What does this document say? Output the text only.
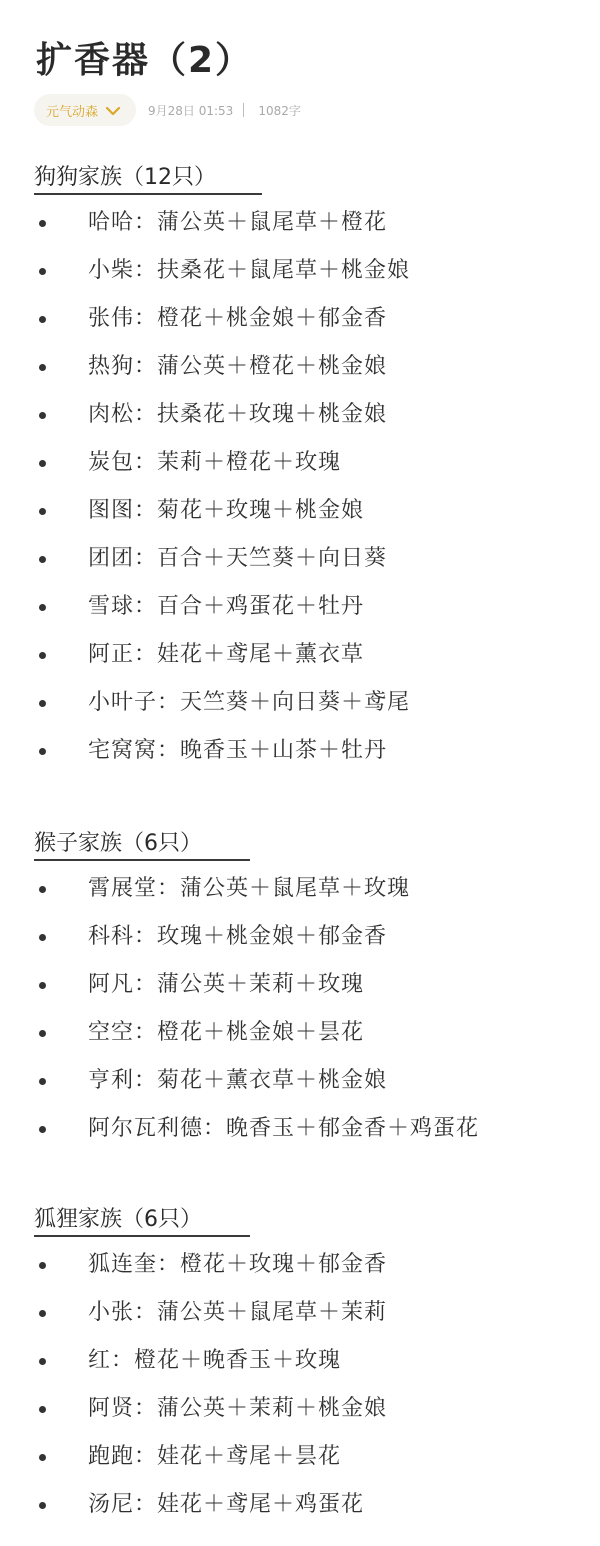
扩香器（2）
元气动森	9月28日 01:53 1082字
狗狗家族（12只）
哈哈：蒲公英＋鼠尾草＋橙花
小柴：扶桑花＋鼠尾草＋桃金娘
张伟：橙花＋桃金娘＋郁金香
热狗：蒲公英＋橙花＋桃金娘
肉松：扶桑花＋玫瑰＋桃金娘
炭包：茉莉＋橙花＋玫瑰
图图：菊花＋玫瑰＋桃金娘
团团：百合＋天竺葵＋向日葵
雪球：百合＋鸡蛋花＋牡丹
阿正：娃花＋鸢尾＋薰衣草
小叶子：天竺葵＋向日葵＋鸢尾
宅窝窝：晚香玉＋山茶＋牡丹
猴子家族（6只）
霄展堂：蒲公英＋鼠尾草＋玫瑰
科科：玫瑰＋桃金娘＋郁金香
阿凡：蒲公英＋茉莉＋玫瑰
空空：橙花＋桃金娘＋昙花
亨利：菊花＋薰衣草＋桃金娘
阿尔瓦利德：晚香玉＋郁金香＋鸡蛋花
狐狸家族（6只）
狐连奎：橙花＋玫瑰＋郁金香
小张：蒲公英＋鼠尾草＋茉莉
红：橙花＋晚香玉＋玫瑰
阿贤：蒲公英＋茉莉＋桃金娘
跑跑：娃花＋鸢尾＋昙花
汤尼：娃花＋鸢尾＋鸡蛋花
